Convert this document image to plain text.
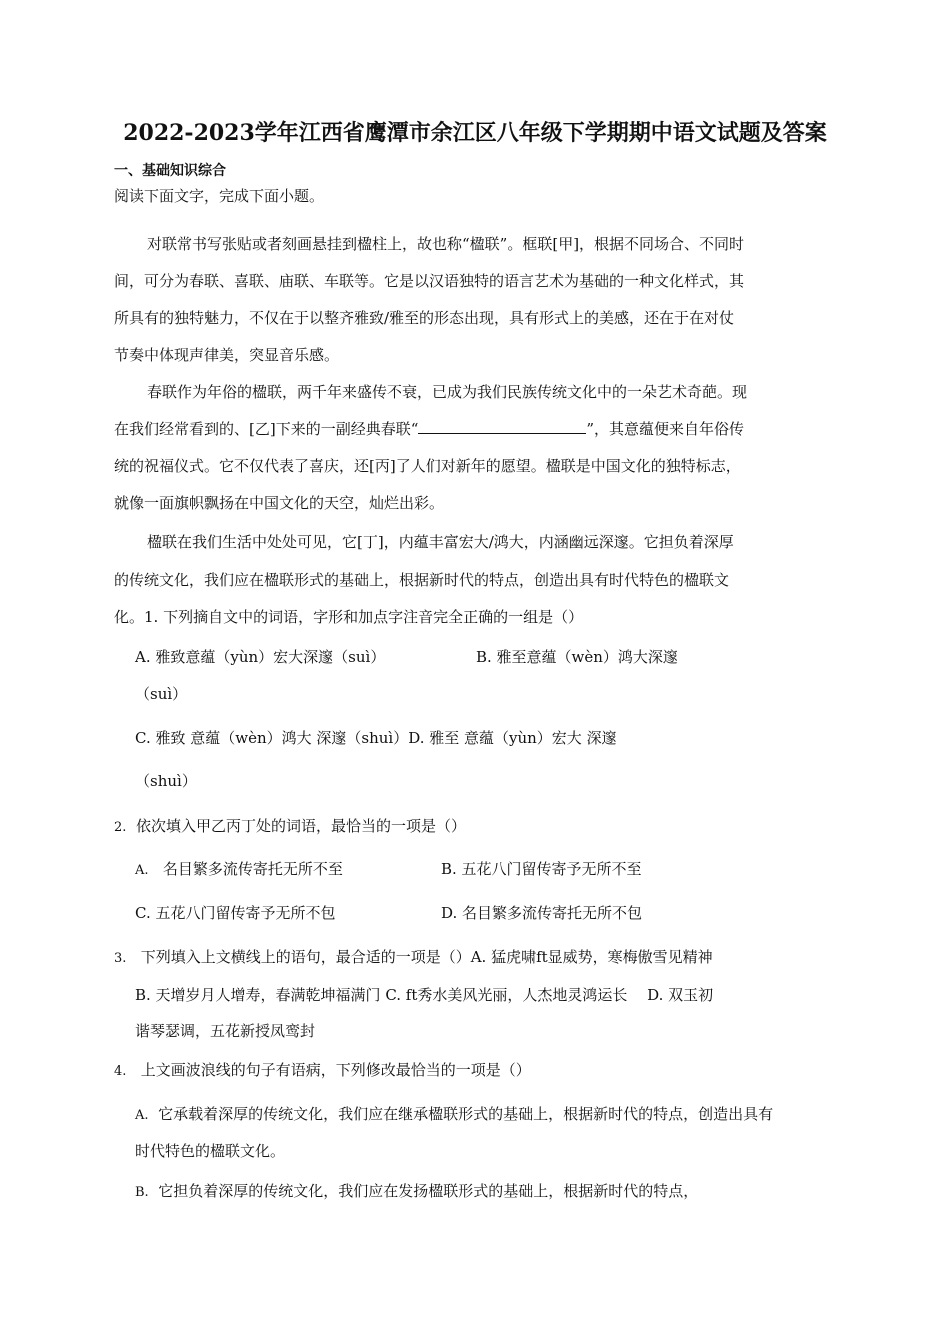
2022-2023学年江西省鹰潭市余江区八年级下学期期中语文试题及答案
一、基础知识综合
阅读下面文字，完成下面小题。
对联常书写张贴或者刻画悬挂到楹柱上，故也称“楹联”。框联[甲]，根据不同场合、不同时
间，可分为春联、喜联、庙联、车联等。它是以汉语独特的语言艺术为基础的一种文化样式，其
所具有的独特魅力，不仅在于以整齐雅致/雅至的形态出现，具有形式上的美感，还在于在对仗
节奏中体现声律美，突显音乐感。
春联作为年俗的楹联，两千年来盛传不衰，已成为我们民族传统文化中的一朵艺术奇葩。现
在我们经常看到的、[乙]下来的一副经典春联“	”，其意蕴便来自年俗传
统的祝福仪式。它不仅代表了喜庆，还[丙]了人们对新年的愿望。楹联是中国文化的独特标志，
就像一面旗帜飘扬在中国文化的天空，灿烂出彩。
楹联在我们生活中处处可见，它[丁]，内蕴丰富宏大/鸿大，内涵幽远深邃。它担负着深厚
的传统文化，我们应在楹联形式的基础上，根据新时代的特点，创造出具有时代特色的楹联文
化。1. 下列摘自文中的词语，字形和加点字注音完全正确的一组是（）
A. 雅致意蕴（yùn）宏大深邃（suì）	B. 雅至意蕴（wèn）鸿大深邃
（suì）
C. 雅致 意蕴（wèn）鸿大 深邃（shuì）D. 雅至 意蕴（yùn）宏大 深邃
（shuì）
2. 依次填入甲乙丙丁处的词语，最恰当的一项是（）
A. 名目繁多流传寄托无所不至	B. 五花八门留传寄予无所不至
C. 五花八门留传寄予无所不包	D. 名目繁多流传寄托无所不包
3. 下列填入上文横线上的语句，最合适的一项是（）A. 猛虎啸ft显威势，寒梅傲雪见精神
B. 天增岁月人增寿，春满乾坤福满门 C. ft秀水美风光丽，人杰地灵鸿运长　 D. 双玉初
谐琴瑟调，五花新授凤鸾封
4. 上文画波浪线的句子有语病，下列修改最恰当的一项是（）
A. 它承载着深厚的传统文化，我们应在继承楹联形式的基础上，根据新时代的特点，创造出具有
时代特色的楹联文化。
B. 它担负着深厚的传统文化，我们应在发扬楹联形式的基础上，根据新时代的特点，
